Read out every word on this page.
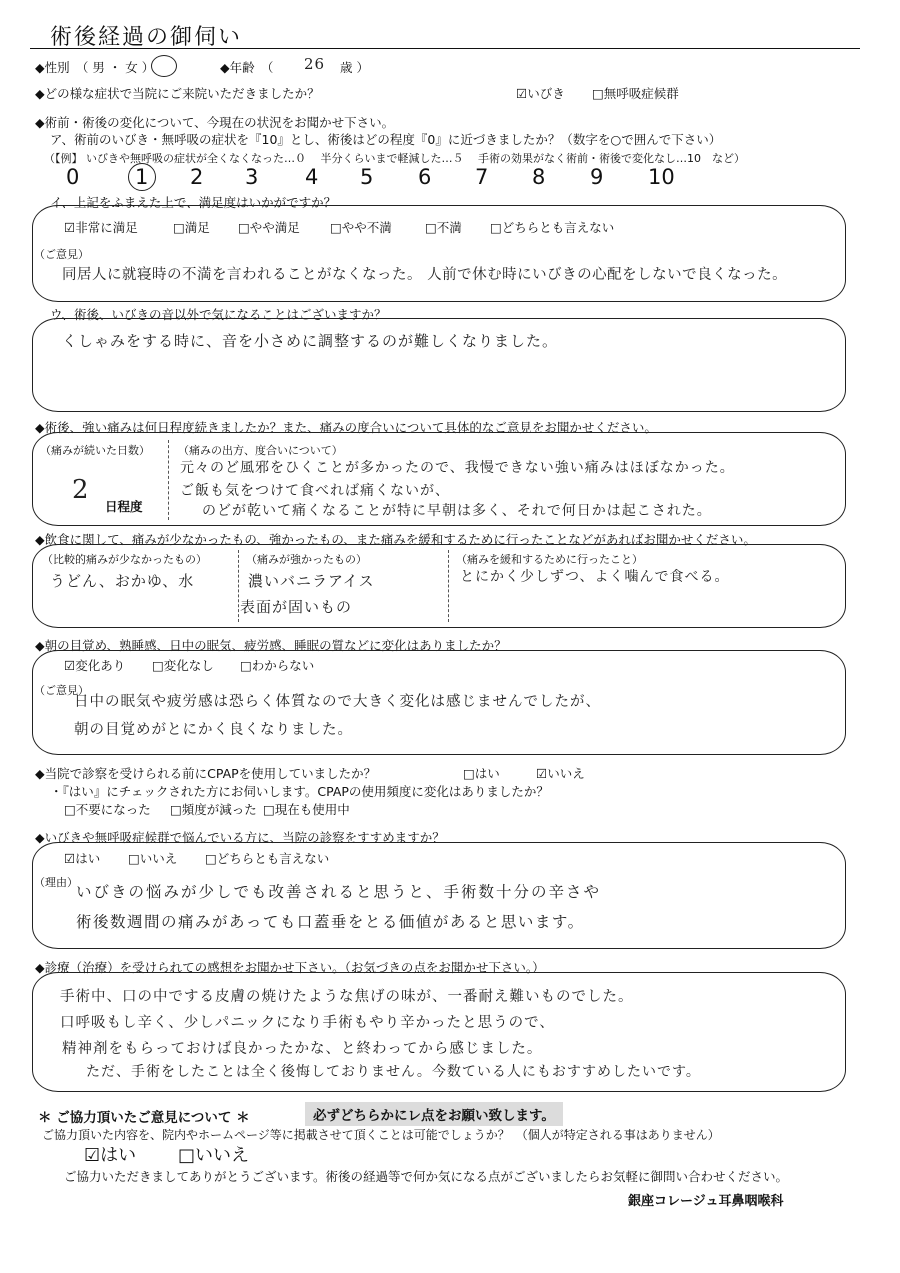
術後経過の御伺い
◆性別　（ 男 ・ 女 ）	◆年齢　（ 26 歳 ）
◆どの様な症状で当院にご来院いただきましたか？	☑いびき □無呼吸症候群
◆術前・術後の変化について、今現在の状況をお聞かせ下さい。
ア、術前のいびき・無呼吸の症状を『10』とし、術後はどの程度『0』に近づきましたか？（数字を○で囲んで下さい）
（【例】 いびきや無呼吸の症状が全くなくなった…０　 半分くらいまで軽減した…５　 手術の効果がなく術前・術後で変化なし…10　など）
0	1 2 3 4 5 6 7 8 9 10
イ、上記をふまえた上で、満足度はいかがですか？
☑非常に満足	□満足 □やや満足 □やや不満	□不満 □どちらとも言えない
（ご意見）
同居人に就寝時の不満を言われることがなくなった。 人前で休む時にいびきの心配をしないで良くなった。
ウ、術後、いびきの音以外で気になることはございますか？
くしゃみをする時に、音を小さめに調整するのが難しくなりました。
◆術後、強い痛みは何日程度続きましたか？また、痛みの度合いについて具体的なご意見をお聞かせください。
（痛みが続いた日数）
2
日程度
（痛みの出方、度合いについて）
元々のど風邪をひくことが多かったので、我慢できない強い痛みはほぼなかった。
ご飯も気をつけて食べれば痛くないが、
のどが乾いて痛くなることが特に早朝は多く、それで何日かは起こされた。
◆飲食に関して、痛みが少なかったもの、強かったもの、また痛みを緩和するために行ったことなどがあればお聞かせください。
（比較的痛みが少なかったもの）
うどん、おかゆ、水
（痛みが強かったもの）
濃いバニラアイス
表面が固いもの
（痛みを緩和するために行ったこと）
とにかく少しずつ、よく噛んで食べる。
◆朝の目覚め、熟睡感、日中の眠気、疲労感、睡眠の質などに変化はありましたか？
☑変化あり □変化なし □わからない
（ご意見）
日中の眠気や疲労感は恐らく体質なので大きく変化は感じませんでしたが、
朝の目覚めがとにかく良くなりました。
◆当院で診察を受けられる前にCPAPを使用していましたか？	□はい	☑いいえ
・『はい』にチェックされた方にお伺いします。CPAPの使用頻度に変化はありましたか？
□不要になった □頻度が減った □現在も使用中
◆いびきや無呼吸症候群で悩んでいる方に、当院の診察をすすめますか？
☑はい □いいえ □どちらとも言えない
（理由）
いびきの悩みが少しでも改善されると思うと、手術数十分の辛さや
術後数週間の痛みがあっても口蓋垂をとる価値があると思います。
◆診療（治療）を受けられての感想をお聞かせ下さい。（お気づきの点をお聞かせ下さい。）
手術中、口の中でする皮膚の焼けたような焦げの味が、一番耐え難いものでした。
口呼吸もし辛く、少しパニックになり手術もやり辛かったと思うので、
精神剤をもらっておけば良かったかな、と終わってから感じました。
ただ、手術をしたことは全く後悔しておりません。今数ている人にもおすすめしたいです。
＊ ご協力頂いたご意見について ＊	必ずどちらかにレ点をお願い致します。
ご協力頂いた内容を、院内やホームページ等に掲載させて頂くことは可能でしょうか？　（個人が特定される事はありません）
☑はい □いいえ
ご協力いただきましてありがとうございます。術後の経過等で何か気になる点がございましたらお気軽に御問い合わせください。
銀座コレージュ耳鼻咽喉科
